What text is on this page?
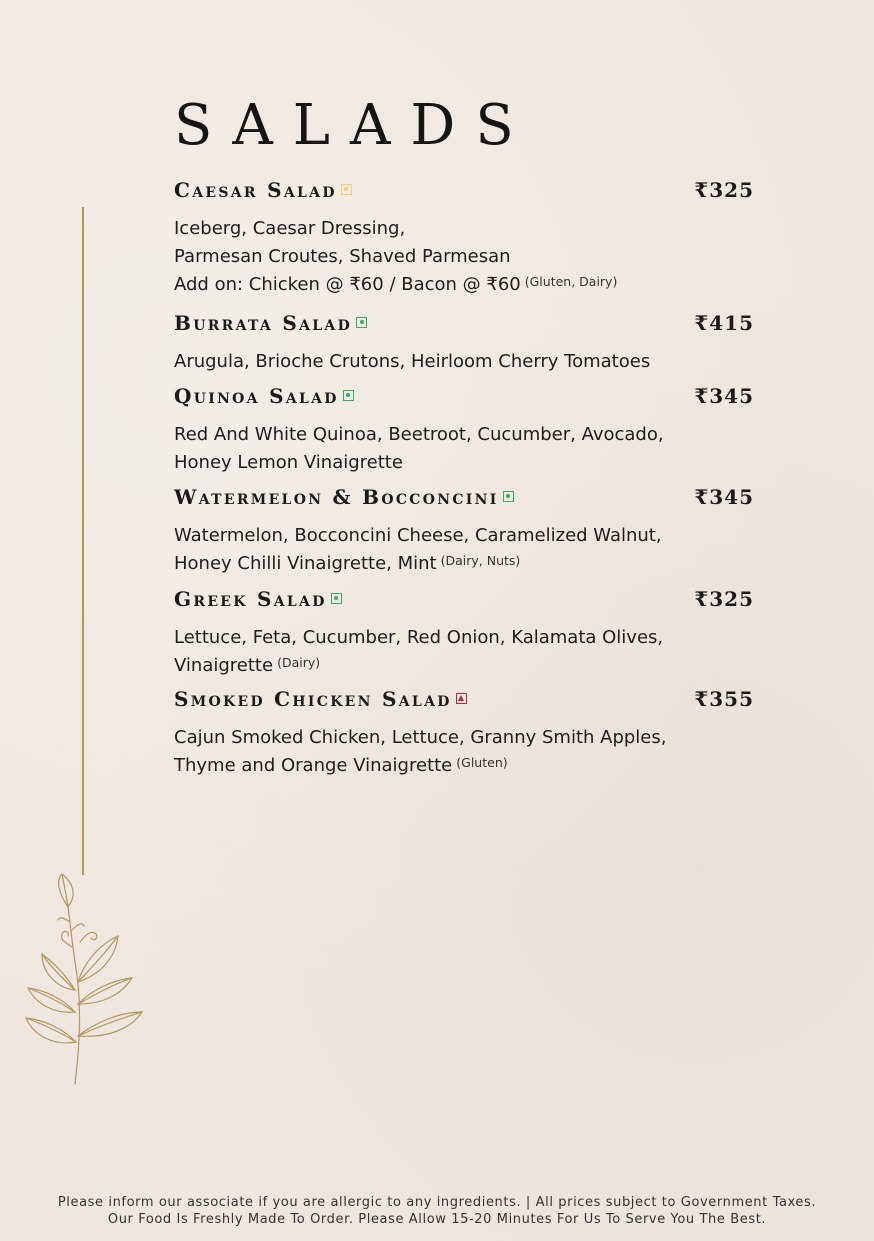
SALADS
Caesar Salad	₹325
Iceberg, Caesar Dressing,
Parmesan Croutes, Shaved Parmesan
Add on: Chicken @ ₹60 / Bacon @ ₹60 $^{(Gluten, Dairy)}$
Burrata Salad	₹415
Arugula, Brioche Crutons, Heirloom Cherry Tomatoes
Quinoa Salad	₹345
Red And White Quinoa, Beetroot, Cucumber, Avocado,
Honey Lemon Vinaigrette
Watermelon & Bocconcini	₹345
Watermelon, Bocconcini Cheese, Caramelized Walnut,
Honey Chilli Vinaigrette, Mint $^{(Dairy, Nuts)}$
Greek Salad	₹325
Lettuce, Feta, Cucumber, Red Onion, Kalamata Olives,
Vinaigrette $^{(Dairy)}$
Smoked Chicken Salad	₹355
Cajun Smoked Chicken, Lettuce, Granny Smith Apples,
Thyme and Orange Vinaigrette $^{(Gluten)}$
Please inform our associate if you are allergic to any ingredients. | All prices subject to Government Taxes.
Our Food Is Freshly Made To Order. Please Allow 15-20 Minutes For Us To Serve You The Best.
